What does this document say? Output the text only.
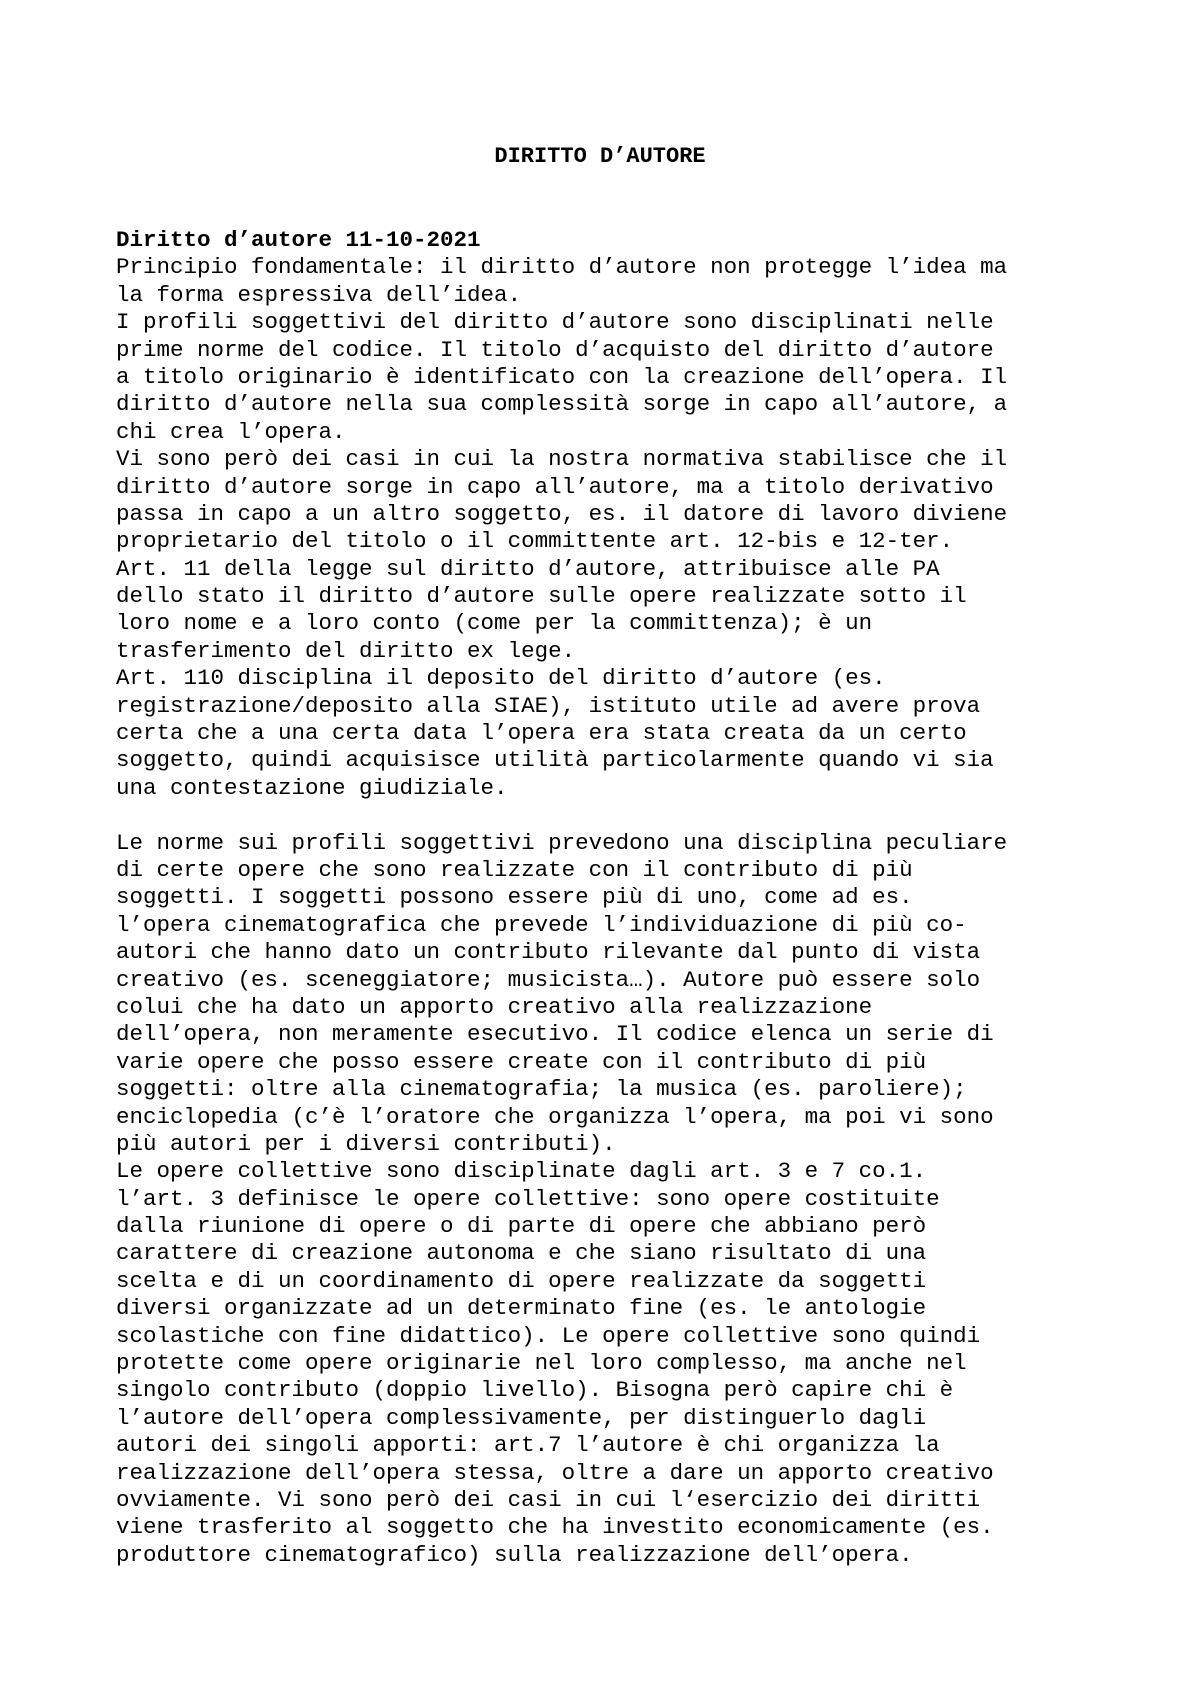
DIRITTO D’AUTORE
Diritto d’autore 11-10-2021
Principio fondamentale: il diritto d’autore non protegge l’idea ma
la forma espressiva dell’idea.
I profili soggettivi del diritto d’autore sono disciplinati nelle
prime norme del codice. Il titolo d’acquisto del diritto d’autore
a titolo originario è identificato con la creazione dell’opera. Il
diritto d’autore nella sua complessità sorge in capo all’autore, a
chi crea l’opera.
Vi sono però dei casi in cui la nostra normativa stabilisce che il
diritto d’autore sorge in capo all’autore, ma a titolo derivativo
passa in capo a un altro soggetto, es. il datore di lavoro diviene
proprietario del titolo o il committente art. 12-bis e 12-ter.
Art. 11 della legge sul diritto d’autore, attribuisce alle PA
dello stato il diritto d’autore sulle opere realizzate sotto il
loro nome e a loro conto (come per la committenza); è un
trasferimento del diritto ex lege.
Art. 110 disciplina il deposito del diritto d’autore (es.
registrazione/deposito alla SIAE), istituto utile ad avere prova
certa che a una certa data l’opera era stata creata da un certo
soggetto, quindi acquisisce utilità particolarmente quando vi sia
una contestazione giudiziale.
Le norme sui profili soggettivi prevedono una disciplina peculiare
di certe opere che sono realizzate con il contributo di più
soggetti. I soggetti possono essere più di uno, come ad es.
l’opera cinematografica che prevede l’individuazione di più co-
autori che hanno dato un contributo rilevante dal punto di vista
creativo (es. sceneggiatore; musicista…). Autore può essere solo
colui che ha dato un apporto creativo alla realizzazione
dell’opera, non meramente esecutivo. Il codice elenca un serie di
varie opere che posso essere create con il contributo di più
soggetti: oltre alla cinematografia; la musica (es. paroliere);
enciclopedia (c’è l’oratore che organizza l’opera, ma poi vi sono
più autori per i diversi contributi).
Le opere collettive sono disciplinate dagli art. 3 e 7 co.1.
l’art. 3 definisce le opere collettive: sono opere costituite
dalla riunione di opere o di parte di opere che abbiano però
carattere di creazione autonoma e che siano risultato di una
scelta e di un coordinamento di opere realizzate da soggetti
diversi organizzate ad un determinato fine (es. le antologie
scolastiche con fine didattico). Le opere collettive sono quindi
protette come opere originarie nel loro complesso, ma anche nel
singolo contributo (doppio livello). Bisogna però capire chi è
l’autore dell’opera complessivamente, per distinguerlo dagli
autori dei singoli apporti: art.7 l’autore è chi organizza la
realizzazione dell’opera stessa, oltre a dare un apporto creativo
ovviamente. Vi sono però dei casi in cui l‘esercizio dei diritti
viene trasferito al soggetto che ha investito economicamente (es.
produttore cinematografico) sulla realizzazione dell’opera.
